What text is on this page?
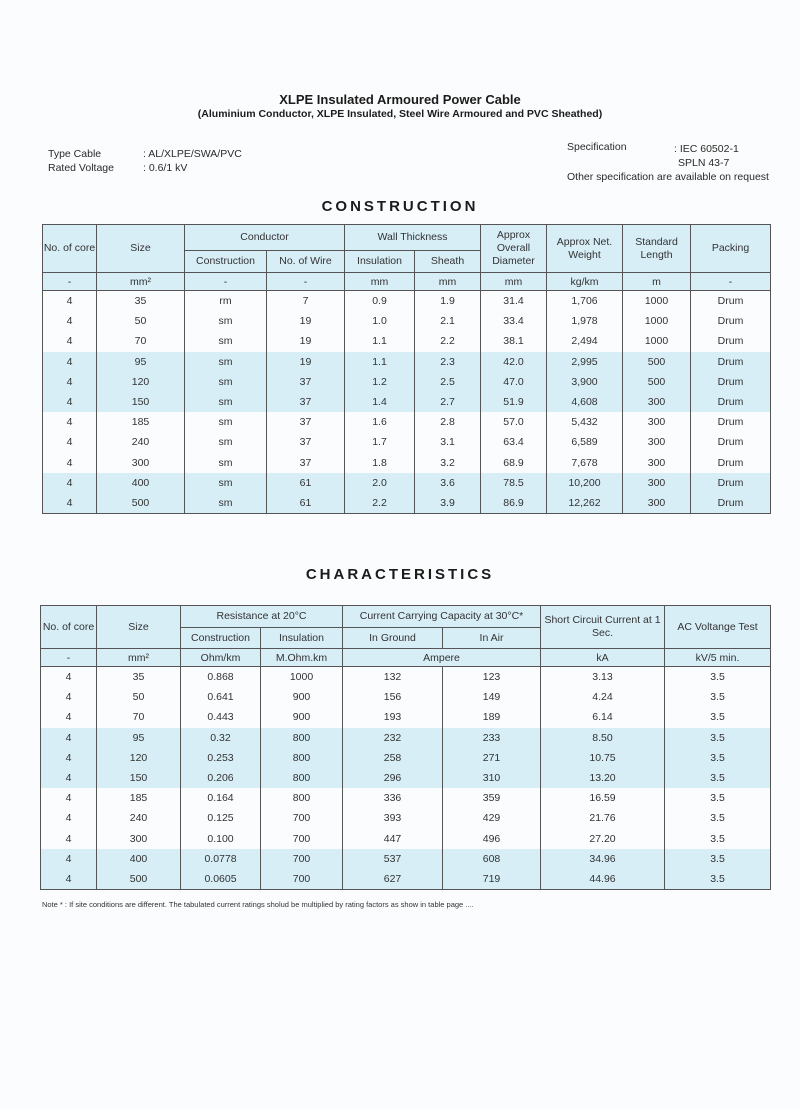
XLPE Insulated Armoured Power Cable
(Aluminium Conductor, XLPE Insulated, Steel Wire Armoured and PVC Sheathed)
Type Cable	: AL/XLPE/SWA/PVC
Rated Voltage	: 0.6/1 kV
Specification	: IEC 60502-1
SPLN 43-7
Other specification are available on request
CONSTRUCTION
No. of core	Size	Conductor		Wall Thickness		Approx Overall Diameter	Approx Net. Weight	Standard Length	Packing
		Construction	No. of Wire	Insulation	Sheath				
-	mm²	-	-	mm	mm	mm	kg/km	m	-
4	35	rm	7	0.9	1.9	31.4	1,706	1000	Drum
4	50	sm	19	1.0	2.1	33.4	1,978	1000	Drum
4	70	sm	19	1.1	2.2	38.1	2,494	1000	Drum
4	95	sm	19	1.1	2.3	42.0	2,995	500	Drum
4	120	sm	37	1.2	2.5	47.0	3,900	500	Drum
4	150	sm	37	1.4	2.7	51.9	4,608	300	Drum
4	185	sm	37	1.6	2.8	57.0	5,432	300	Drum
4	240	sm	37	1.7	3.1	63.4	6,589	300	Drum
4	300	sm	37	1.8	3.2	68.9	7,678	300	Drum
4	400	sm	61	2.0	3.6	78.5	10,200	300	Drum
4	500	sm	61	2.2	3.9	86.9	12,262	300	Drum
CHARACTERISTICS
No. of core	Size	Resistance at 20°C		Current Carrying Capacity at 30°C*		Short Circuit Current at 1 Sec.	AC Voltange Test
		Construction	Insulation	In Ground	In Air		
-	mm²	Ohm/km	M.Ohm.km	Ampere		kA	kV/5 min.
4	35	0.868	1000	132	123	3.13	3.5
4	50	0.641	900	156	149	4.24	3.5
4	70	0.443	900	193	189	6.14	3.5
4	95	0.32	800	232	233	8.50	3.5
4	120	0.253	800	258	271	10.75	3.5
4	150	0.206	800	296	310	13.20	3.5
4	185	0.164	800	336	359	16.59	3.5
4	240	0.125	700	393	429	21.76	3.5
4	300	0.100	700	447	496	27.20	3.5
4	400	0.0778	700	537	608	34.96	3.5
4	500	0.0605	700	627	719	44.96	3.5
Note * : If site conditions are different. The tabulated current ratings sholud be multiplied by rating factors as show in table page ....
